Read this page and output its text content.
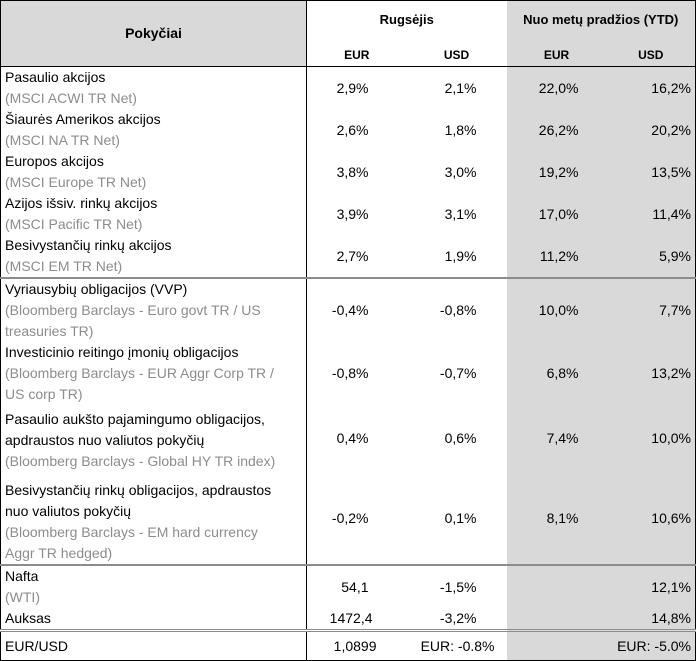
Pokyčiai	Rugsėjis		Nuo metų pradžios (YTD)	
	EUR	USD	EUR	USD

Pasaulio akcijos
(MSCI ACWI TR Net)	2,9%	2,1%	22,0%	16,2%

Šiaurės Amerikos akcijos
(MSCI NA TR Net)	2,6%	1,8%	26,2%	20,2%

Europos akcijos
(MSCI Europe TR Net)	3,8%	3,0%	19,2%	13,5%

Azijos išsiv. rinkų akcijos
(MSCI Pacific TR Net)	3,9%	3,1%	17,0%	11,4%

Besivystančių rinkų akcijos
(MSCI EM TR Net)	2,7%	1,9%	11,2%	5,9%

Vyriausybių obligacijos (VVP)
(Bloomberg Barclays - Euro govt TR / US
treasuries TR)	-0,4%	-0,8%	10,0%	7,7%

Investicinio reitingo įmonių obligacijos
(Bloomberg Barclays - EUR Aggr Corp TR /
US corp TR)	-0,8%	-0,7%	6,8%	13,2%

Pasaulio aukšto pajamingumo obligacijos,
apdraustos nuo valiutos pokyčių
(Bloomberg Barclays - Global HY TR index)	0,4%	0,6%	7,4%	10,0%

Besivystančių rinkų obligacijos, apdraustos
nuo valiutos pokyčių
(Bloomberg Barclays - EM hard currency
Aggr TR hedged)	-0,2%	0,1%	8,1%	10,6%

Nafta
(WTI)	54,1	-1,5%		12,1%

Auksas	1472,4	-3,2%		14,8%
EUR/USD	1,0899	EUR: -0.8%		EUR: -5.0%
